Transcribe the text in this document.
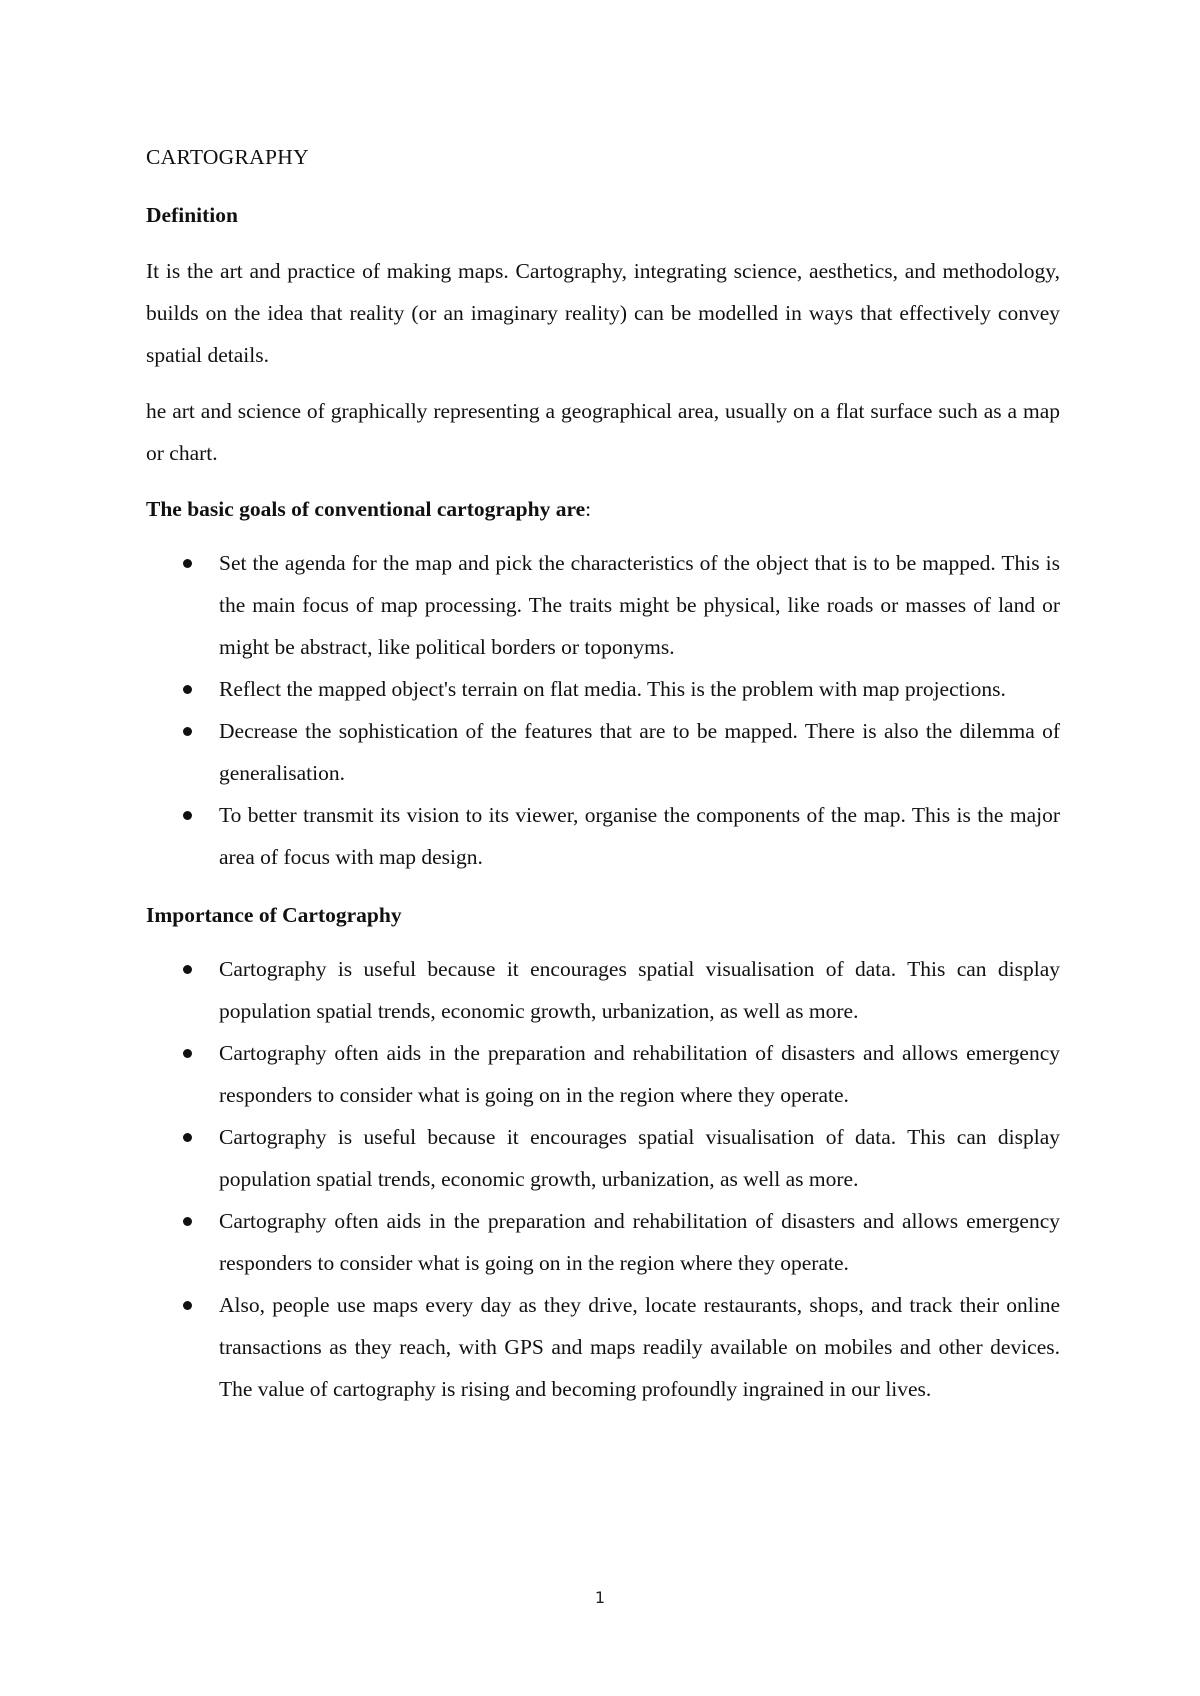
CARTOGRAPHY
Definition

It is the art and practice of making maps. Cartography, integrating science, aesthetics, and methodology, builds on the idea that reality (or an imaginary reality) can be modelled in ways that effectively convey spatial details.

he art and science of graphically representing a geographical area, usually on a flat surface such as a map or chart.

The basic goals of conventional cartography are:
Set the agenda for the map and pick the characteristics of the object that is to be mapped. This is the main focus of map processing. The traits might be physical, like roads or masses of land or might be abstract, like political borders or toponyms.
Reflect the mapped object's terrain on flat media. This is the problem with map projections.
Decrease the sophistication of the features that are to be mapped. There is also the dilemma of generalisation.
To better transmit its vision to its viewer, organise the components of the map. This is the major area of focus with map design.
Importance of Cartography
Cartography is useful because it encourages spatial visualisation of data. This can display population spatial trends, economic growth, urbanization, as well as more.
Cartography often aids in the preparation and rehabilitation of disasters and allows emergency responders to consider what is going on in the region where they operate.
Cartography is useful because it encourages spatial visualisation of data. This can display population spatial trends, economic growth, urbanization, as well as more.
Cartography often aids in the preparation and rehabilitation of disasters and allows emergency responders to consider what is going on in the region where they operate.
Also, people use maps every day as they drive, locate restaurants, shops, and track their online transactions as they reach, with GPS and maps readily available on mobiles and other devices. The value of cartography is rising and becoming profoundly ingrained in our lives.
1
